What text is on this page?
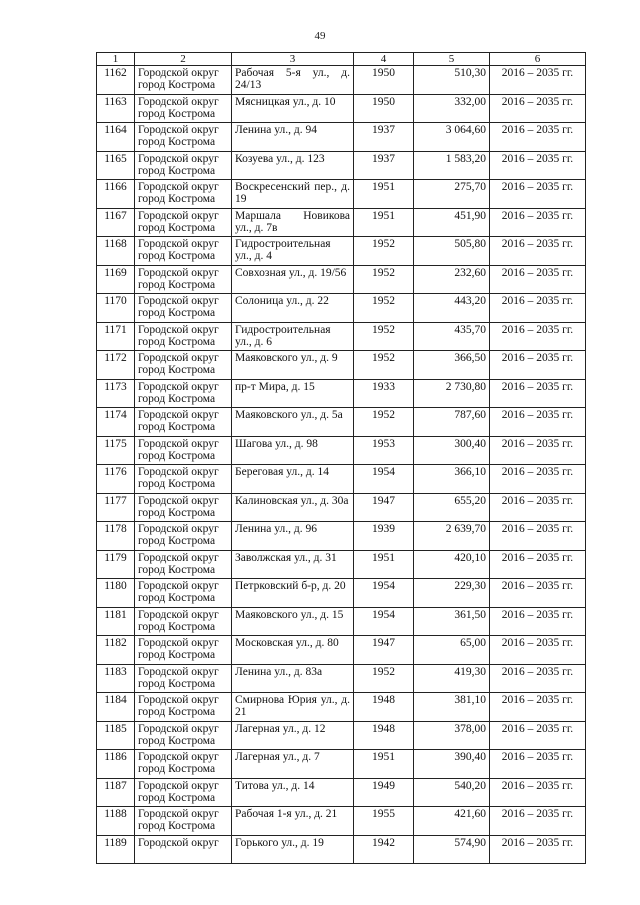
49
1	2	3	4	5	6
1162	Городской округ город Кострома	Рабочая 5-я ул., д. 24/13	1950	510,30	2016 – 2035 гг.
1163	Городской округ город Кострома	Мясницкая ул., д. 10	1950	332,00	2016 – 2035 гг.
1164	Городской округ город Кострома	Ленина ул., д. 94	1937	3 064,60	2016 – 2035 гг.
1165	Городской округ город Кострома	Козуева ул., д. 123	1937	1 583,20	2016 – 2035 гг.
1166	Городской округ город Кострома	Воскресенский пер., д. 19	1951	275,70	2016 – 2035 гг.
1167	Городской округ город Кострома	Маршала Новикова ул., д. 7в	1951	451,90	2016 – 2035 гг.
1168	Городской округ город Кострома	Гидростроительная ул., д. 4	1952	505,80	2016 – 2035 гг.
1169	Городской округ город Кострома	Совхозная ул., д. 19/56	1952	232,60	2016 – 2035 гг.
1170	Городской округ город Кострома	Солоница ул., д. 22	1952	443,20	2016 – 2035 гг.
1171	Городской округ город Кострома	Гидростроительная ул., д. 6	1952	435,70	2016 – 2035 гг.
1172	Городской округ город Кострома	Маяковского ул., д. 9	1952	366,50	2016 – 2035 гг.
1173	Городской округ город Кострома	пр-т Мира, д. 15	1933	2 730,80	2016 – 2035 гг.
1174	Городской округ город Кострома	Маяковского ул., д. 5а	1952	787,60	2016 – 2035 гг.
1175	Городской округ город Кострома	Шагова ул., д. 98	1953	300,40	2016 – 2035 гг.
1176	Городской округ город Кострома	Береговая ул., д. 14	1954	366,10	2016 – 2035 гг.
1177	Городской округ город Кострома	Калиновская ул., д. 30а	1947	655,20	2016 – 2035 гг.
1178	Городской округ город Кострома	Ленина ул., д. 96	1939	2 639,70	2016 – 2035 гг.
1179	Городской округ город Кострома	Заволжская ул., д. 31	1951	420,10	2016 – 2035 гг.
1180	Городской округ город Кострома	Петрковский б-р, д. 20	1954	229,30	2016 – 2035 гг.
1181	Городской округ город Кострома	Маяковского ул., д. 15	1954	361,50	2016 – 2035 гг.
1182	Городской округ город Кострома	Московская ул., д. 80	1947	65,00	2016 – 2035 гг.
1183	Городской округ город Кострома	Ленина ул., д. 83а	1952	419,30	2016 – 2035 гг.
1184	Городской округ город Кострома	Смирнова Юрия ул., д. 21	1948	381,10	2016 – 2035 гг.
1185	Городской округ город Кострома	Лагерная ул., д. 12	1948	378,00	2016 – 2035 гг.
1186	Городской округ город Кострома	Лагерная ул., д. 7	1951	390,40	2016 – 2035 гг.
1187	Городской округ город Кострома	Титова ул., д. 14	1949	540,20	2016 – 2035 гг.
1188	Городской округ город Кострома	Рабочая 1-я ул., д. 21	1955	421,60	2016 – 2035 гг.
1189	Городской округ	Горького ул., д. 19	1942	574,90	2016 – 2035 гг.
